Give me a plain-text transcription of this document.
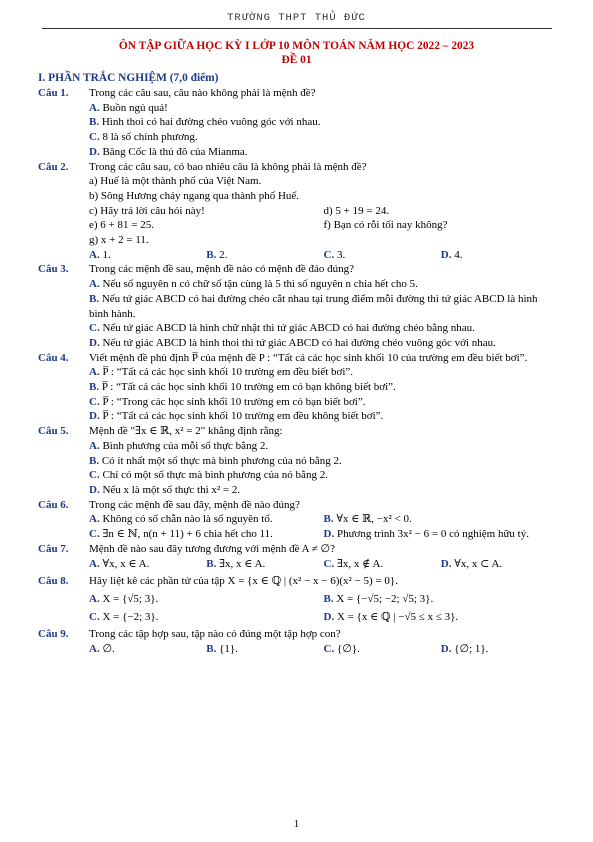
TRƯỜNG THPT THỦ ĐỨC
ÔN TẬP GIỮA HỌC KỲ I LỚP 10 MÔN TOÁN NĂM HỌC 2022 – 2023
ĐỀ 01
I. PHẦN TRẮC NGHIỆM (7,0 điểm)
Câu 1.	Trong các câu sau, câu nào không phải là mệnh đề?
A. Buồn ngủ quá!
B. Hình thoi có hai đường chéo vuông góc với nhau.
C. 8 là số chính phương.
D. Băng Cốc là thủ đô của Mianma.
Câu 2.	Trong các câu sau, có bao nhiêu câu là không phải là mệnh đề?
a) Huế là một thành phố của Việt Nam.
b) Sông Hương chảy ngang qua thành phố Huế.
c) Hãy trả lời câu hỏi này!	d) 5 + 19 = 24.
e) 6 + 81 = 25.	f) Bạn có rỗi tối nay không?
g) x + 2 = 11.
A. 1.	B. 2.	C. 3.	D. 4.
Câu 3.	Trong các mệnh đề sau, mệnh đề nào có mệnh đề đảo đúng?
A. Nếu số nguyên n có chữ số tận cùng là 5 thì số nguyên n chia hết cho 5.
B. Nếu tứ giác ABCD có hai đường chéo cắt nhau tại trung điểm mỗi đường thì tứ giác ABCD là hình bình hành.
C. Nếu tứ giác ABCD là hình chữ nhật thì tứ giác ABCD có hai đường chéo bằng nhau.
D. Nếu tứ giác ABCD là hình thoi thì tứ giác ABCD có hai đường chéo vuông góc với nhau.
Câu 4.	Viết mệnh đề phủ định P̅ của mệnh đề P : “Tất cả các học sinh khối 10 của trường em đều biết bơi”.
A. P̅ : “Tất cả các học sinh khối 10 trường em đều biết bơi”.
B. P̅ : “Tất cả các học sinh khối 10 trường em có bạn không biết bơi”.
C. P̅ : “Trong các học sinh khối 10 trường em có bạn biết bơi”.
D. P̅ : “Tất cả các học sinh khối 10 trường em đều không biết bơi”.
Câu 5.	Mệnh đề "∃x ∈ ℝ, x² = 2" khẳng định rằng:
A. Bình phương của mỗi số thực bằng 2.
B. Có ít nhất một số thực mà bình phương của nó bằng 2.
C. Chỉ có một số thực mà bình phương của nó bằng 2.
D. Nếu x là một số thực thì x² = 2.
Câu 6.	Trong các mệnh đề sau đây, mệnh đề nào đúng?
A. Không có số chẵn nào là số nguyên tố.	B. ∀x ∈ ℝ, −x² < 0.
C. ∃n ∈ ℕ, n(n + 11) + 6 chia hết cho 11.	D. Phương trình 3x² − 6 = 0 có nghiệm hữu tỷ.
Câu 7.	Mệnh đề nào sau đây tương đương với mệnh đề A ≠ ∅?
A. ∀x, x ∈ A.	B. ∃x, x ∈ A.	C. ∃x, x ∉ A.	D. ∀x, x ⊂ A.
Câu 8.	Hãy liệt kê các phần tử của tập X = {x ∈ ℚ | (x² − x − 6)(x² − 5) = 0}.
A. X = {√5; 3}.	B. X = {−√5; −2; √5; 3}.
C. X = {−2; 3}.	D. X = {x ∈ ℚ | −√5 ≤ x ≤ 3}.
Câu 9.	Trong các tập hợp sau, tập nào có đúng một tập hợp con?
A. ∅.	B. {1}.	C. {∅}.	D. {∅; 1}.
1
